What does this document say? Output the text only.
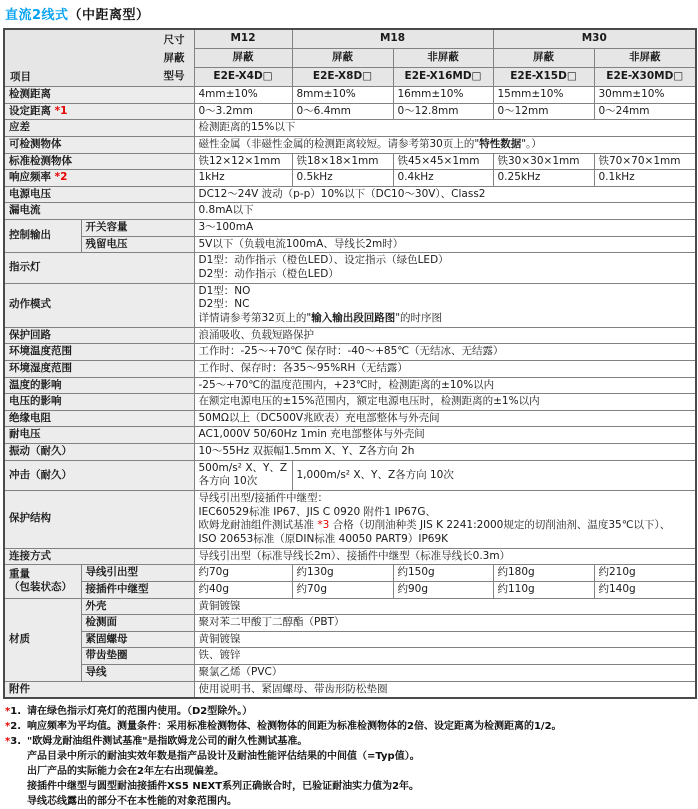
直流2线式（中距离型）
尺寸
屏蔽
型号
项目		M12	M18		M30	
		屏蔽	屏蔽	非屏蔽	屏蔽	非屏蔽
		E2E-X4D□	E2E-X8D□	E2E-X16MD□	E2E-X15D□	E2E-X30MD□
检测距离		4mm±10%	8mm±10%	16mm±10%	15mm±10%	30mm±10%
设定距离 *1		0～3.2mm	0～6.4mm	0～12.8mm	0～12mm	0～24mm
应差		检测距离的15%以下				
可检测物体		磁性金属（非磁性金属的检测距离较短。请参考第30页上的"特性数据"。）				
标准检测物体		铁12×12×1mm	铁18×18×1mm	铁45×45×1mm	铁30×30×1mm	铁70×70×1mm
响应频率 *2		1kHz	0.5kHz	0.4kHz	0.25kHz	0.1kHz
电源电压		DC12～24V 波动（p-p）10%以下（DC10～30V）、Class2				
漏电流		0.8mA以下				
控制输出	开关容量	3～100mA				
	残留电压	5V以下（负载电流100mA、导线长2m时）				
指示灯		D1型：动作指示（橙色LED）、设定指示（绿色LED）
D2型：动作指示（橙色LED）				

动作模式		D1型：NO
D2型：NC
详情请参考第32页上的"输入输出段回路图"的时序图				

保护回路		浪涌吸收、负载短路保护				
环境温度范围		工作时：-25～+70℃ 保存时：-40～+85℃（无结冰、无结露）				
环境湿度范围		工作时、保存时：各35～95%RH（无结露）				
温度的影响		-25～+70℃的温度范围内，+23℃时，检测距离的±10%以内				
电压的影响		在额定电源电压的±15%范围内，额定电源电压时，检测距离的±1%以内				
绝缘电阻		50MΩ以上（DC500V兆欧表）充电部整体与外壳间				
耐电压		AC1,000V 50/60Hz 1min 充电部整体与外壳间				
振动（耐久）		10～55Hz 双振幅1.5mm X、Y、Z各方向 2h				
冲击（耐久）		500m/s² X、Y、Z各方向 10次	1,000m/s² X、Y、Z各方向 10次			
保护结构		导线引出型/接插件中继型：
IEC60529标准 IP67、JIS C 0920 附件1 IP67G、
欧姆龙耐油组件测试基准 *3 合格（切削油种类 JIS K 2241:2000规定的切削油剂、温度35℃以下）、
ISO 20653标准（原DIN标准 40050 PART9）IP69K				

连接方式		导线引出型（标准导线长2m）、接插件中继型（标准导线长0.3m）				

重量
（包装状态）	导线引出型	约70g	约130g	约150g	约180g	约210g
	接插件中继型	约40g	约70g	约90g	约110g	约140g
材质	外壳	黄铜镀镍				
	检测面	聚对苯二甲酸丁二醇酯（PBT）				
	紧固螺母	黄铜镀镍				
	带齿垫圈	铁、镀锌				
	导线	聚氯乙烯（PVC）				
附件		使用说明书、紧固螺母、带齿形防松垫圈				
*1. 请在绿色指示灯亮灯的范围内使用。（D2型除外。）
*2. 响应频率为平均值。测量条件：采用标准检测物体、检测物体的间距为标准检测物体的2倍、设定距离为检测距离的1/2。
*3. "欧姆龙耐油组件测试基准"是指欧姆龙公司的耐久性测试基准。
产品目录中所示的耐油实效年数是指产品设计及耐油性能评估结果的中间值（=Typ值）。
出厂产品的实际能力会在2年左右出现偏差。
接插件中继型与圆型耐油接插件XS5 NEXT系列正确嵌合时，已验证耐油实力值为2年。
导线芯线露出的部分不在本性能的对象范围内。
